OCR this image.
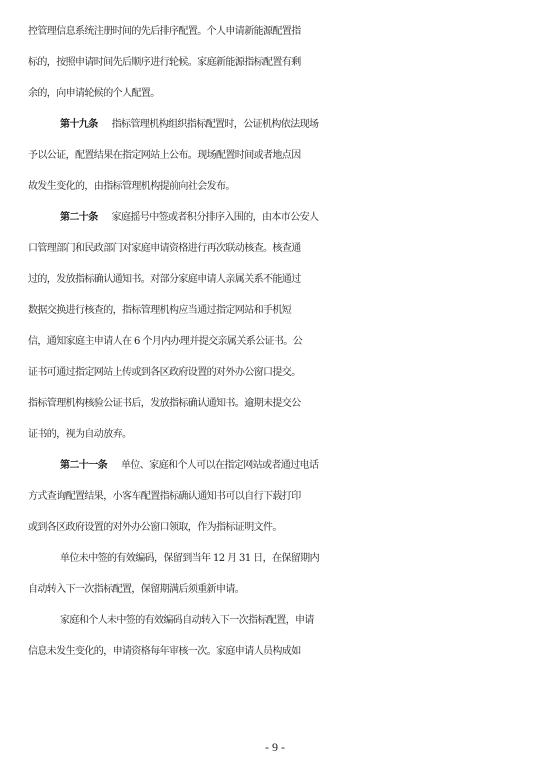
控管理信息系统注册时间的先后排序配置。个人申请新能源配置指
标的，按照申请时间先后顺序进行轮候。家庭新能源指标配置有剩
余的，向申请轮候的个人配置。
第十九条 指标管理机构组织指标配置时，公证机构依法现场
予以公证，配置结果在指定网站上公布。现场配置时间或者地点因
故发生变化的，由指标管理机构提前向社会发布。
第二十条 家庭摇号中签或者积分排序入围的，由本市公安人
口管理部门和民政部门对家庭申请资格进行再次联动核查。核查通
过的，发放指标确认通知书。对部分家庭申请人亲属关系不能通过
数据交换进行核查的，指标管理机构应当通过指定网站和手机短
信，通知家庭主申请人在 6 个月内办理并提交亲属关系公证书。公
证书可通过指定网站上传或到各区政府设置的对外办公窗口提交。
指标管理机构核验公证书后，发放指标确认通知书。逾期未提交公
证书的，视为自动放弃。
第二十一条 单位、家庭和个人可以在指定网站或者通过电话
方式查询配置结果，小客车配置指标确认通知书可以自行下载打印
或到各区政府设置的对外办公窗口领取，作为指标证明文件。
单位未中签的有效编码，保留到当年 12 月 31 日，在保留期内
自动转入下一次指标配置，保留期满后须重新申请。
家庭和个人未中签的有效编码自动转入下一次指标配置，申请
信息未发生变化的，申请资格每年审核一次。家庭申请人员构成如
- 9 -
